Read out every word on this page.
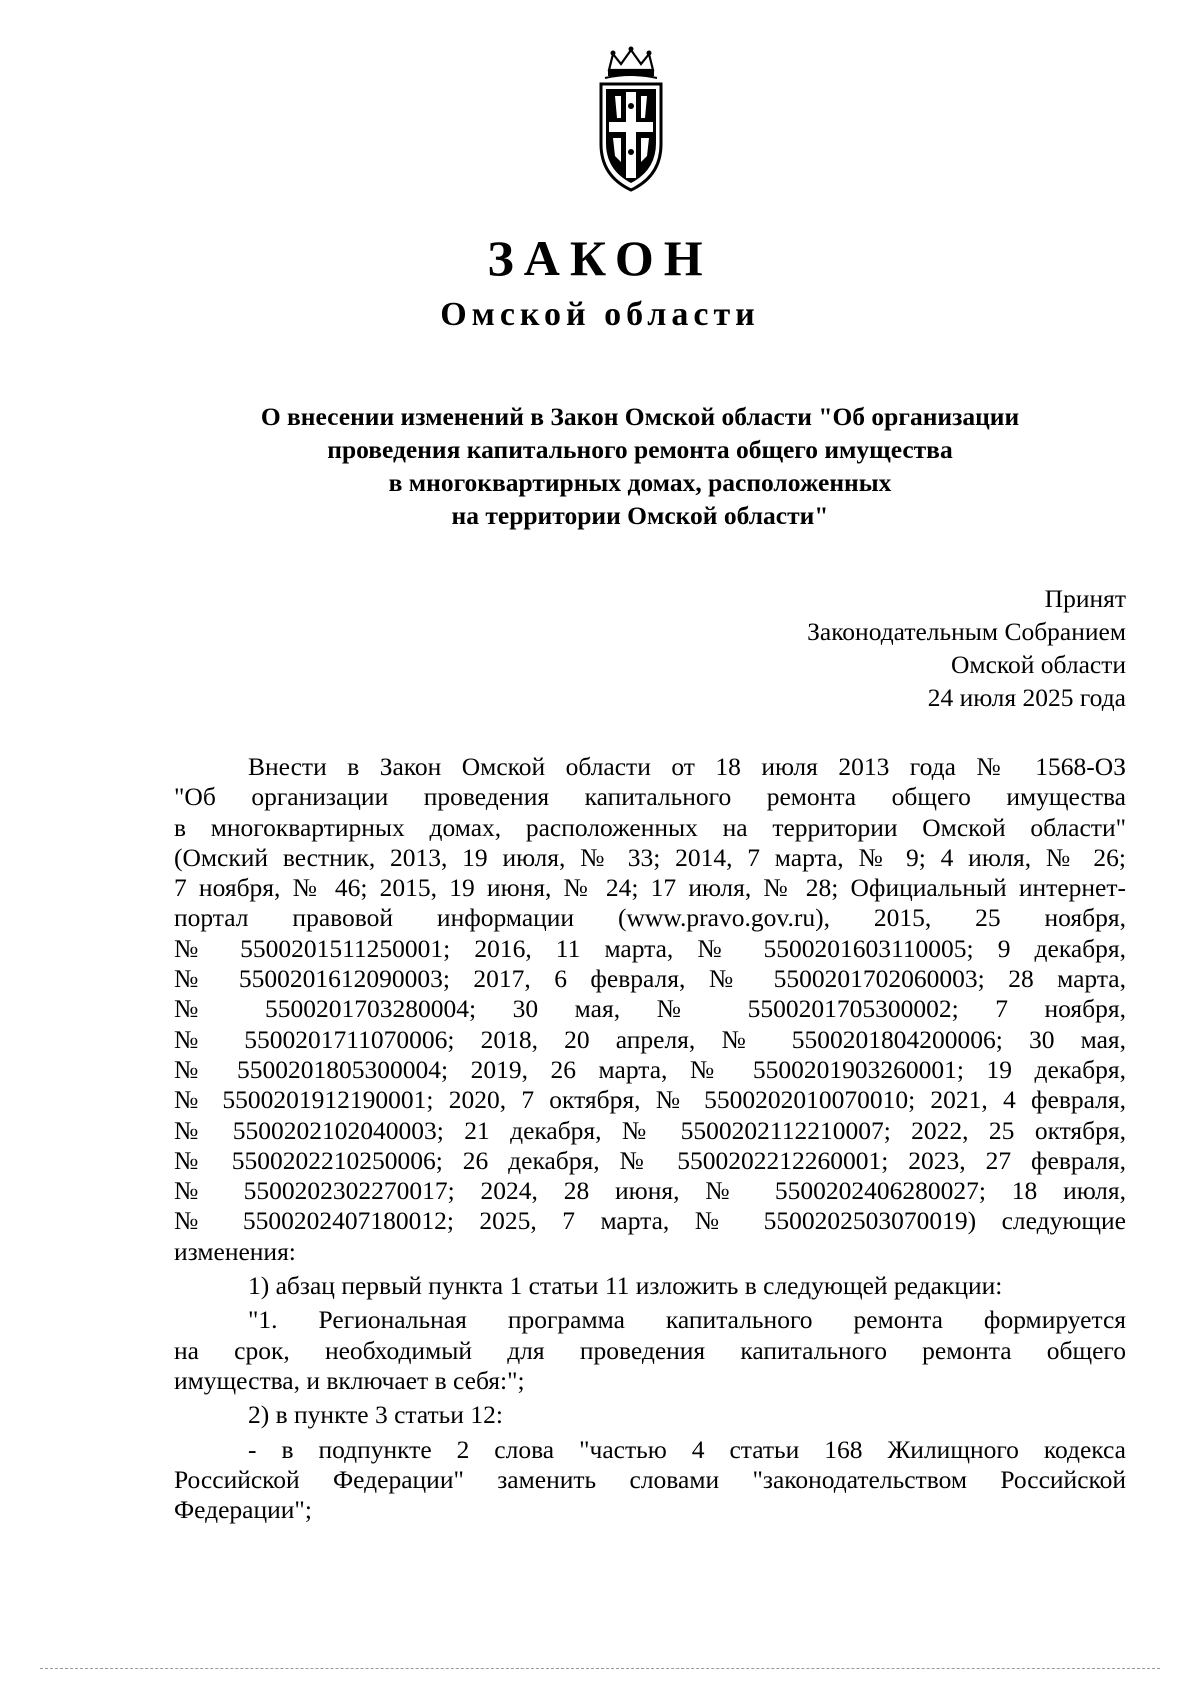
ЗАКОН
Омской области
О внесении изменений в Закон Омской области "Об организации
проведения капитального ремонта общего имущества
в многоквартирных домах, расположенных
на территории Омской области"
Принят
Законодательным Собранием
Омской области
24 июля 2025 года
Внести в Закон Омской области от 18 июля 2013 года № 1568-ОЗ
"Об организации проведения капитального ремонта общего имущества
в многоквартирных домах, расположенных на территории Омской области"
(Омский вестник, 2013, 19 июля, № 33; 2014, 7 марта, № 9; 4 июля, № 26;
7 ноября, № 46; 2015, 19 июня, № 24; 17 июля, № 28; Официальный интернет-
портал правовой информации (www.pravo.gov.ru), 2015, 25 ноября,
№ 5500201511250001; 2016, 11 марта, № 5500201603110005; 9 декабря,
№ 5500201612090003; 2017, 6 февраля, № 5500201702060003; 28 марта,
№ 5500201703280004; 30 мая, № 5500201705300002; 7 ноября,
№ 5500201711070006; 2018, 20 апреля, № 5500201804200006; 30 мая,
№ 5500201805300004; 2019, 26 марта, № 5500201903260001; 19 декабря,
№ 5500201912190001; 2020, 7 октября, № 5500202010070010; 2021, 4 февраля,
№ 5500202102040003; 21 декабря, № 5500202112210007; 2022, 25 октября,
№ 5500202210250006; 26 декабря, № 5500202212260001; 2023, 27 февраля,
№ 5500202302270017; 2024, 28 июня, № 5500202406280027; 18 июля,
№ 5500202407180012; 2025, 7 марта, № 5500202503070019) следующие
изменения:
1) абзац первый пункта 1 статьи 11 изложить в следующей редакции:
"1. Региональная программа капитального ремонта формируется
на срок, необходимый для проведения капитального ремонта общего
имущества, и включает в себя:";
2) в пункте 3 статьи 12:
- в подпункте 2 слова "частью 4 статьи 168 Жилищного кодекса
Российской Федерации" заменить словами "законодательством Российской
Федерации";
